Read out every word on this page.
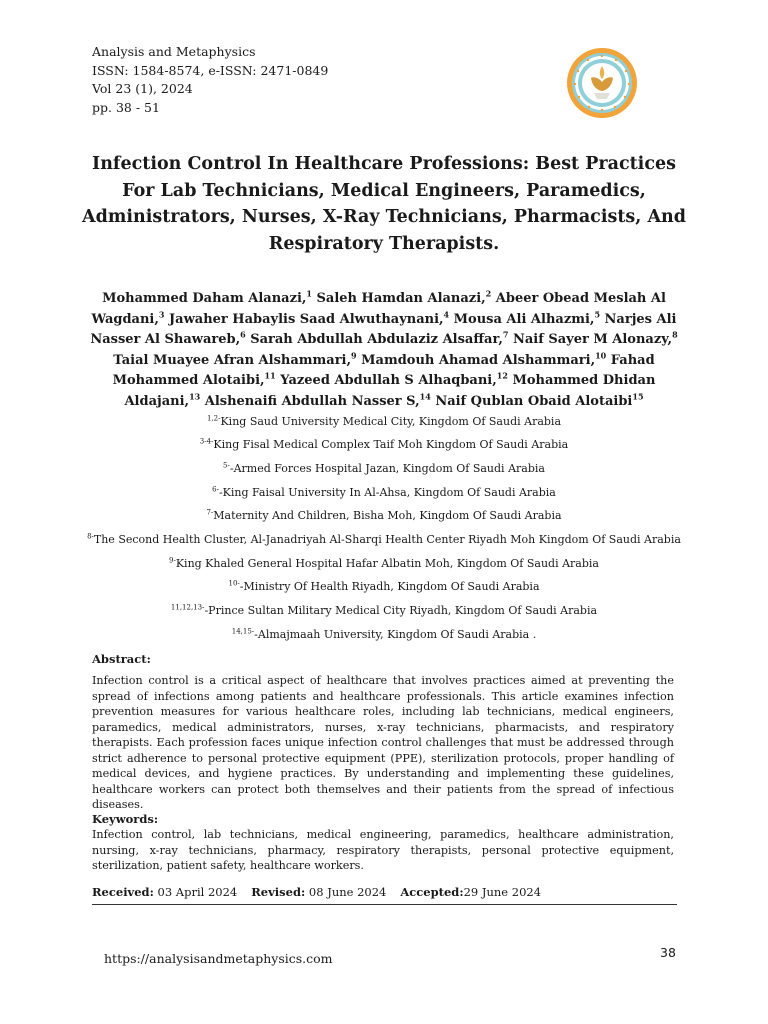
Analysis and Metaphysics
ISSN: 1584-8574, e-ISSN: 2471-0849
Vol 23 (1), 2024
pp. 38 - 51
Infection Control In Healthcare Professions: Best Practices For Lab Technicians, Medical Engineers, Paramedics, Administrators, Nurses, X-Ray Technicians, Pharmacists, And Respiratory Therapists.
Mohammed Daham Alanazi,$^1$ Saleh Hamdan Alanazi,$^2$ Abeer Obead Meslah Al Wagdani,$^3$ Jawaher Habaylis Saad Alwuthaynani,$^4$ Mousa Ali Alhazmi,$^5$ Narjes Ali Nasser Al Shawareb,$^6$ Sarah Abdullah Abdulaziz Alsaffar,$^7$ Naif Sayer M Alonazy,$^8$ Taial Muayee Afran Alshammari,$^9$ Mamdouh Ahamad Alshammari,$^{10}$ Fahad Mohammed Alotaibi,$^{11}$ Yazeed Abdullah S Alhaqbani,$^{12}$ Mohammed Dhidan Aldajani,$^{13}$ Alshenaifi Abdullah Nasser S,$^{14}$ Naif Qublan Obaid Alotaibi$^{15}$
$^{1,2-}$King Saud University Medical City, Kingdom Of Saudi Arabia
$^{3-4-}$King Fisal Medical Complex Taif Moh Kingdom Of Saudi Arabia
$^{5-}$-Armed Forces Hospital Jazan, Kingdom Of Saudi Arabia
$^{6-}$-King Faisal University In Al-Ahsa, Kingdom Of Saudi Arabia
$^{7-}$Maternity And Children, Bisha Moh, Kingdom Of Saudi Arabia
$^{8-}$The Second Health Cluster, Al-Janadriyah Al-Sharqi Health Center Riyadh Moh Kingdom Of Saudi Arabia
$^{9-}$King Khaled General Hospital Hafar Albatin Moh, Kingdom Of Saudi Arabia
$^{10-}$-Ministry Of Health Riyadh, Kingdom Of Saudi Arabia
$^{11,12,13-}$-Prince Sultan Military Medical City Riyadh, Kingdom Of Saudi Arabia
$^{14,15-}$-Almajmaah University, Kingdom Of Saudi Arabia .
Abstract:

Infection control is a critical aspect of healthcare that involves practices aimed at preventing the spread of infections among patients and healthcare professionals. This article examines infection prevention measures for various healthcare roles, including lab technicians, medical engineers, paramedics, medical administrators, nurses, x-ray technicians, pharmacists, and respiratory therapists. Each profession faces unique infection control challenges that must be addressed through strict adherence to personal protective equipment (PPE), sterilization protocols, proper handling of medical devices, and hygiene practices. By understanding and implementing these guidelines, healthcare workers can protect both themselves and their patients from the spread of infectious diseases.

Keywords:

Infection control, lab technicians, medical engineering, paramedics, healthcare administration, nursing, x-ray technicians, pharmacy, respiratory therapists, personal protective equipment, sterilization, patient safety, healthcare workers.

Received: 03 April 2024 Revised: 08 June 2024 Accepted:29 June 2024
https://analysisandmetaphysics.com	38
